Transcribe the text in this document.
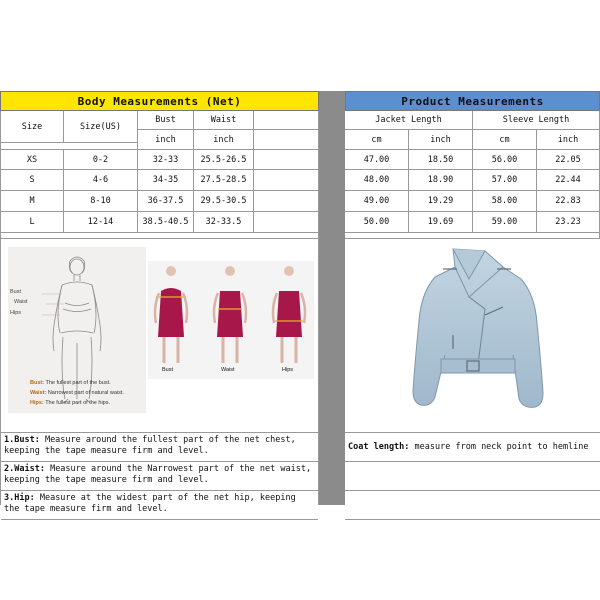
Body Measurements (Net)	Product Measurements
Size	Size(US)
Bust	Waist
inch	inch
Jacket Length	Sleeve Length
cm	inch	cm	inch
XS	0-2	32-33	25.5-26.5
S	4-6	34-35	27.5-28.5
M	8-10	36-37.5	29.5-30.5
L	12-14	38.5-40.5	32-33.5
47.00	18.50	56.00	22.05
48.00	18.90	57.00	22.44
49.00	19.29	58.00	22.83
50.00	19.69	59.00	23.23
Bust
Waist
Hips
Bust: The fullest part of the bust.
Waist: Narrowest part of natural waist.
Hips: The fullest part of the hips.
Bust	Waist	Hips
1.Bust: Measure around the fullest part of the net chest, keeping the tape measure firm and level.
2.Waist: Measure around the Narrowest part of the net waist, keeping the tape measure firm and level.
3.Hip: Measure at the widest part of the net hip, keeping the tape measure firm and level.
Coat length: measure from neck point to hemline
